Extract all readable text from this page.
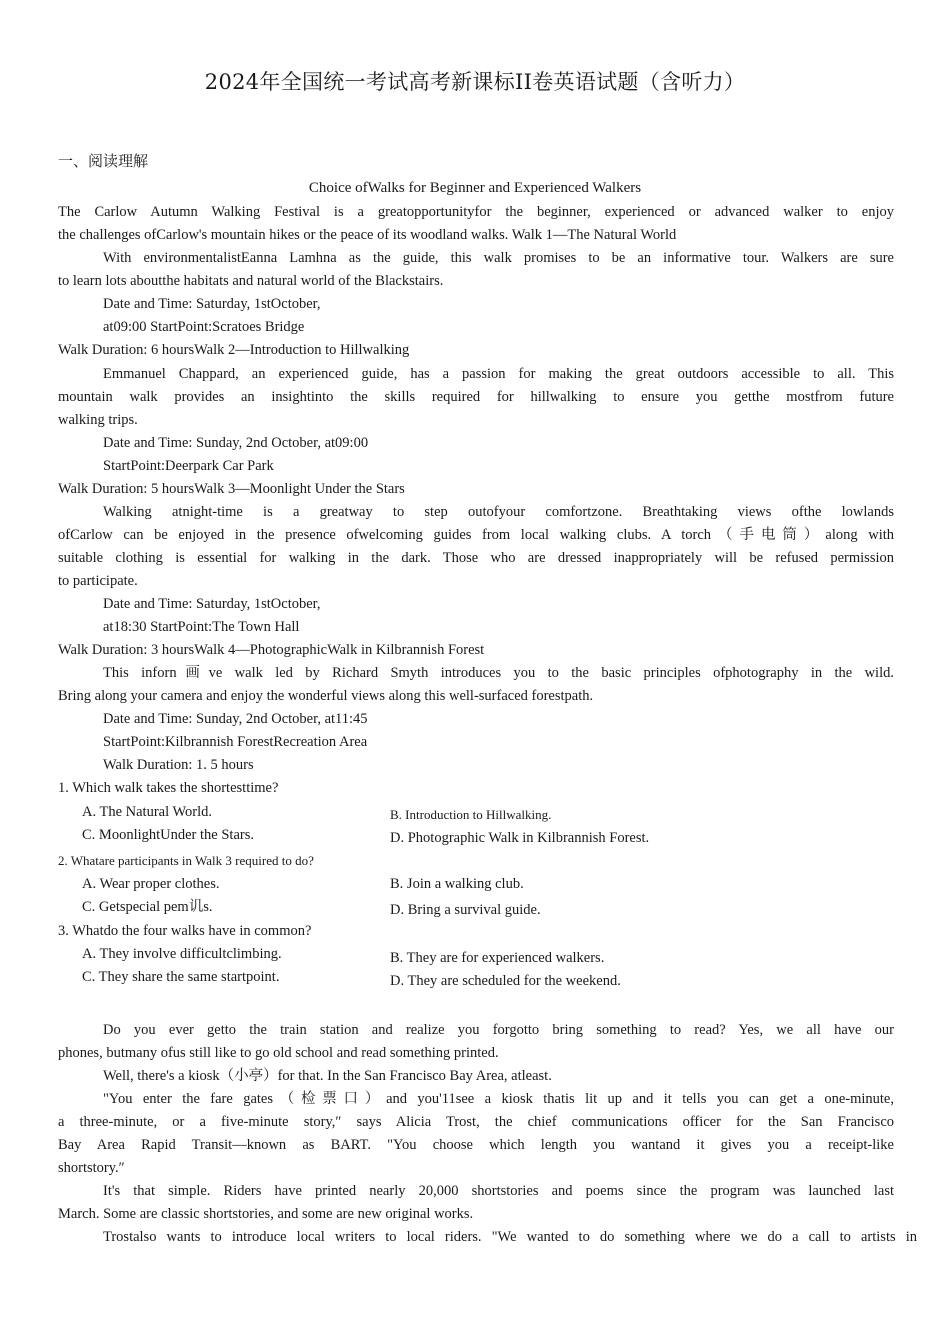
2024年全国统一考试高考新课标II卷英语试题（含听力）
一、阅读理解
Choice ofWalks for Beginner and Experienced Walkers
The Carlow Autumn Walking Festival is a greatopportunityfor the beginner, experienced or advanced walker to enjoy
the challenges ofCarlow's mountain hikes or the peace of its woodland walks. Walk 1—The Natural World
With environmentalistEanna Lamhna as the guide, this walk promises to be an informative tour. Walkers are sure
to learn lots aboutthe habitats and natural world of the Blackstairs.
Date and Time: Saturday, 1stOctober,
at09:00 StartPoint:Scratoes Bridge
Walk Duration: 6 hoursWalk 2—Introduction to Hillwalking
Emmanuel Chappard, an experienced guide, has a passion for making the great outdoors accessible to all. This
mountain walk provides an insightinto the skills required for hillwalking to ensure you getthe mostfrom future
walking trips.
Date and Time: Sunday, 2nd October, at09:00
StartPoint:Deerpark Car Park
Walk Duration: 5 hoursWalk 3—Moonlight Under the Stars
Walking atnight-time is a greatway to step outofyour comfortzone. Breathtaking views ofthe lowlands
ofCarlow can be enjoyed in the presence ofwelcoming guides from local walking clubs. A torch（手电筒）along with
suitable clothing is essential for walking in the dark. Those who are dressed inappropriately will be refused permission
to participate.
Date and Time: Saturday, 1stOctober,
at18:30 StartPoint:The Town Hall
Walk Duration: 3 hoursWalk 4—PhotographicWalk in Kilbrannish Forest
This inforn画ve walk led by Richard Smyth introduces you to the basic principles ofphotography in the wild.
Bring along your camera and enjoy the wonderful views along this well-surfaced forestpath.
Date and Time: Sunday, 2nd October, at11:45
StartPoint:Kilbrannish ForestRecreation Area
Walk Duration: 1. 5 hours
1. Which walk takes the shortesttime?
A. The Natural World.	B. Introduction to Hillwalking.
C. MoonlightUnder the Stars.	D. Photographic Walk in Kilbrannish Forest.
2. Whatare participants in Walk 3 required to do?
A. Wear proper clothes.	B. Join a walking club.
C. Getspecial pem讥s.	D. Bring a survival guide.
3. Whatdo the four walks have in common?
A. They involve difficultclimbing.	B. They are for experienced walkers.
C. They share the same startpoint.	D. They are scheduled for the weekend.
Do you ever getto the train station and realize you forgotto bring something to read? Yes, we all have our
phones, butmany ofus still like to go old school and read something printed.
Well, there's a kiosk（小亭）for that. In the San Francisco Bay Area, atleast.
"You enter the fare gates（检票口）and you'11see a kiosk thatis lit up and it tells you can get a one-minute,
a three-minute, or a five-minute story,″ says Alicia Trost, the chief communications officer for the San Francisco
Bay Area Rapid Transit—known as BART. "You choose which length you wantand it gives you a receipt-like
shortstory.″
It's that simple. Riders have printed nearly 20,000 shortstories and poems since the program was launched last
March. Some are classic shortstories, and some are new original works.
Trostalso wants to introduce local writers to local riders. "We wanted to do something where we do a call to artists in
